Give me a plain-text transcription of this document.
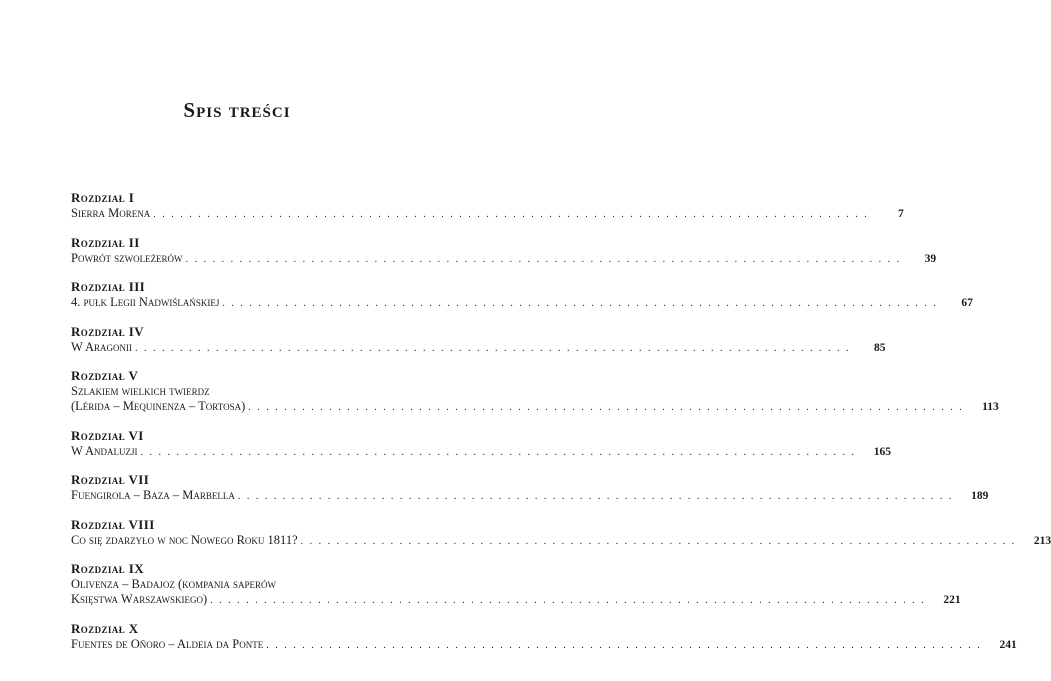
Spis treści
Rozdział I
Sierra Morena . . . . . . . . . . . . . . . . . . . . . . . . . . . . . . . . . . . . . . . . . . . . . . . . . . . . . . . . . . . . . . . . . . . . . . . . . . . . . . . .	7
Rozdział II
Powrót szwoleżerów . . . . . . . . . . . . . . . . . . . . . . . . . . . . . . . . . . . . . . . . . . . . . . . . . . . . . . . . . . . . . . . . . . . . . . . . . . . . . . . .	39
Rozdział III
4. pułk Legii Nadwiślańskiej . . . . . . . . . . . . . . . . . . . . . . . . . . . . . . . . . . . . . . . . . . . . . . . . . . . . . . . . . . . . . . . . . . . . . . . . . . . . . . . .	67
Rozdział IV
W Aragonii . . . . . . . . . . . . . . . . . . . . . . . . . . . . . . . . . . . . . . . . . . . . . . . . . . . . . . . . . . . . . . . . . . . . . . . . . . . . . . . .	85
Rozdział V
Szlakiem wielkich twierdz
(Lérida – Mequinenza – Tortosa) . . . . . . . . . . . . . . . . . . . . . . . . . . . . . . . . . . . . . . . . . . . . . . . . . . . . . . . . . . . . . . . . . . . . . . . . . . . . . . . .	113
Rozdział VI
W Andaluzji . . . . . . . . . . . . . . . . . . . . . . . . . . . . . . . . . . . . . . . . . . . . . . . . . . . . . . . . . . . . . . . . . . . . . . . . . . . . . . . .	165
Rozdział VII
Fuengirola – Baza – Marbella . . . . . . . . . . . . . . . . . . . . . . . . . . . . . . . . . . . . . . . . . . . . . . . . . . . . . . . . . . . . . . . . . . . . . . . . . . . . . . . .	189
Rozdział VIII
Co się zdarzyło w noc Nowego Roku 1811? . . . . . . . . . . . . . . . . . . . . . . . . . . . . . . . . . . . . . . . . . . . . . . . . . . . . . . . . . . . . . . . . . . . . . . . . . . . . . . . .	213
Rozdział IX
Olivenza – Badajoz (kompania saperów
Księstwa Warszawskiego) . . . . . . . . . . . . . . . . . . . . . . . . . . . . . . . . . . . . . . . . . . . . . . . . . . . . . . . . . . . . . . . . . . . . . . . . . . . . . . . .	221
Rozdział X
Fuentes de Oñoro – Aldeia da Ponte . . . . . . . . . . . . . . . . . . . . . . . . . . . . . . . . . . . . . . . . . . . . . . . . . . . . . . . . . . . . . . . . . . . . . . . . . . . . . . . .	241
